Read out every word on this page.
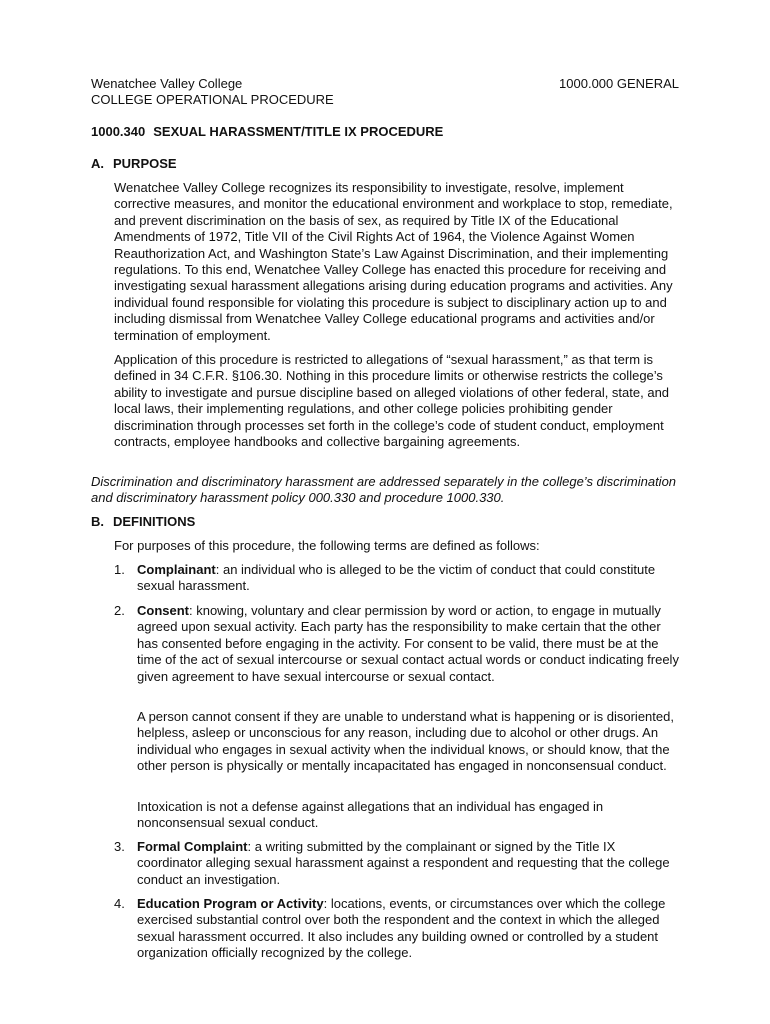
Wenatchee Valley College
COLLEGE OPERATIONAL PROCEDURE
1000.000 GENERAL
1000.340 SEXUAL HARASSMENT/TITLE IX PROCEDURE
A. PURPOSE
Wenatchee Valley College recognizes its responsibility to investigate, resolve, implement corrective measures, and monitor the educational environment and workplace to stop, remediate, and prevent discrimination on the basis of sex, as required by Title IX of the Educational Amendments of 1972, Title VII of the Civil Rights Act of 1964, the Violence Against Women Reauthorization Act, and Washington State’s Law Against Discrimination, and their implementing regulations. To this end, Wenatchee Valley College has enacted this procedure for receiving and investigating sexual harassment allegations arising during education programs and activities. Any individual found responsible for violating this procedure is subject to disciplinary action up to and including dismissal from Wenatchee Valley College educational programs and activities and/or termination of employment.
Application of this procedure is restricted to allegations of “sexual harassment,” as that term is defined in 34 C.F.R. §106.30. Nothing in this procedure limits or otherwise restricts the college’s ability to investigate and pursue discipline based on alleged violations of other federal, state, and local laws, their implementing regulations, and other college policies prohibiting gender discrimination through processes set forth in the college’s code of student conduct, employment contracts, employee handbooks and collective bargaining agreements.
Discrimination and discriminatory harassment are addressed separately in the college’s discrimination and discriminatory harassment policy 000.330 and procedure 1000.330.
B. DEFINITIONS
For purposes of this procedure, the following terms are defined as follows:
1. Complainant: an individual who is alleged to be the victim of conduct that could constitute sexual harassment.
2. Consent: knowing, voluntary and clear permission by word or action, to engage in mutually agreed upon sexual activity. Each party has the responsibility to make certain that the other has consented before engaging in the activity. For consent to be valid, there must be at the time of the act of sexual intercourse or sexual contact actual words or conduct indicating freely given agreement to have sexual intercourse or sexual contact.
A person cannot consent if they are unable to understand what is happening or is disoriented, helpless, asleep or unconscious for any reason, including due to alcohol or other drugs. An individual who engages in sexual activity when the individual knows, or should know, that the other person is physically or mentally incapacitated has engaged in nonconsensual conduct.
Intoxication is not a defense against allegations that an individual has engaged in nonconsensual sexual conduct.
3. Formal Complaint: a writing submitted by the complainant or signed by the Title IX coordinator alleging sexual harassment against a respondent and requesting that the college conduct an investigation.
4. Education Program or Activity: locations, events, or circumstances over which the college exercised substantial control over both the respondent and the context in which the alleged sexual harassment occurred. It also includes any building owned or controlled by a student organization officially recognized by the college.
